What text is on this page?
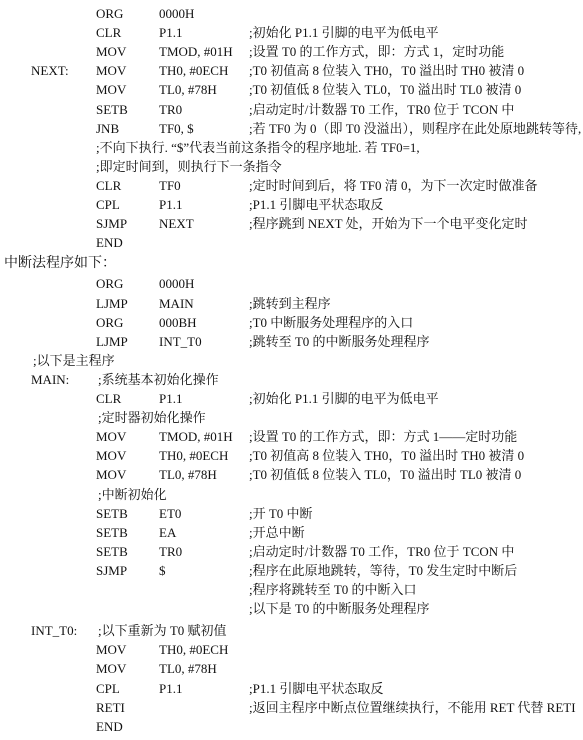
ORG	0000H
CLR	P1.1	;初始化 P1.1 引脚的电平为低电平
MOV	TMOD, #01H ;设置 T0 的工作方式，即：方式 1，定时功能
NEXT: MOV	TH0, #0ECH ;T0 初值高 8 位装入 TH0，T0 溢出时 TH0 被清 0
MOV	TL0, #78H ;T0 初值低 8 位装入 TL0，T0 溢出时 TL0 被清 0
SETB TR0	;启动定时/计数器 T0 工作，TR0 位于 TCON 中
JNB	TF0, $	;若 TF0 为 0（即 T0 没溢出），则程序在此处原地跳转等待,
;不向下执行. “$”代表当前这条指令的程序地址. 若 TF0=1,
;即定时间到，则执行下一条指令
CLR	TF0	;定时时间到后，将 TF0 清 0，为下一次定时做准备
CPL	P1.1	;P1.1 引脚电平状态取反
SJMP NEXT	;程序跳到 NEXT 处，开始为下一个电平变化定时
END
中断法程序如下：
ORG	0000H
LJMP MAIN	;跳转到主程序
ORG	000BH	;T0 中断服务处理程序的入口
LJMP INT_T0	;跳转至 T0 的中断服务处理程序
;以下是主程序
MAIN: ;系统基本初始化操作
CLR	P1.1	;初始化 P1.1 引脚的电平为低电平
;定时器初始化操作
MOV	TMOD, #01H ;设置 T0 的工作方式，即：方式 1——定时功能
MOV	TH0, #0ECH ;T0 初值高 8 位装入 TH0，T0 溢出时 TH0 被清 0
MOV	TL0, #78H ;T0 初值低 8 位装入 TL0，T0 溢出时 TL0 被清 0
;中断初始化
SETB ET0	;开 T0 中断
SETB EA	;开总中断
SETB TR0	;启动定时/计数器 T0 工作，TR0 位于 TCON 中
SJMP $	;程序在此原地跳转，等待，T0 发生定时中断后
;程序将跳转至 T0 的中断入口
;以下是 T0 的中断服务处理程序
INT_T0: ;以下重新为 T0 赋初值
MOV	TH0, #0ECH
MOV	TL0, #78H
CPL	P1.1	;P1.1 引脚电平状态取反
RETI	;返回主程序中断点位置继续执行，不能用 RET 代替 RETI
END
